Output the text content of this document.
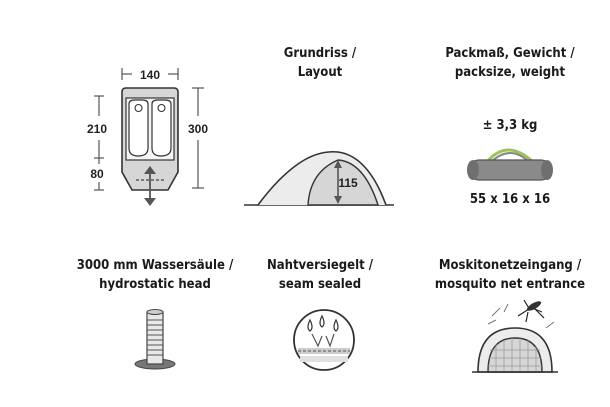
140
210
80
300
Grundriss /
Layout
115
Packmaß, Gewicht /
packsize, weight
± 3,3 kg
55 x 16 x 16
3000 mm Wassersäule /
hydrostatic head
Nahtversiegelt /
seam sealed
Moskitonetzeingang /
mosquito net entrance
